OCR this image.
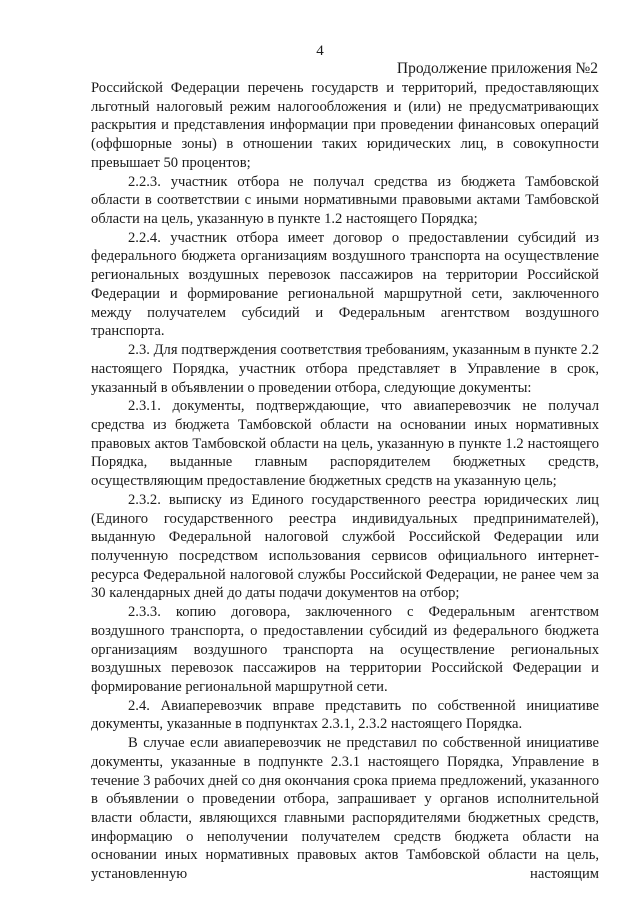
4
Продолжение приложения №2

Российской Федерации перечень государств и территорий, предоставляющих льготный налоговый режим налогообложения и (или) не предусматривающих раскрытия и представления информации при проведении финансовых операций (оффшорные зоны) в отношении таких юридических лиц, в совокупности превышает 50 процентов;

2.2.3. участник отбора не получал средства из бюджета Тамбовской области в соответствии с иными нормативными правовыми актами Тамбовской области на цель, указанную в пункте 1.2 настоящего Порядка;

2.2.4. участник отбора имеет договор о предоставлении субсидий из федерального бюджета организациям воздушного транспорта на осуществление региональных воздушных перевозок пассажиров на территории Российской Федерации и формирование региональной маршрутной сети, заключенного между получателем субсидий и Федеральным агентством воздушного транспорта.

2.3. Для подтверждения соответствия требованиям, указанным в пункте 2.2 настоящего Порядка, участник отбора представляет в Управление в срок, указанный в объявлении о проведении отбора, следующие документы:

2.3.1. документы, подтверждающие, что авиаперевозчик не получал средства из бюджета Тамбовской области на основании иных нормативных правовых актов Тамбовской области на цель, указанную в пункте 1.2 настоящего Порядка, выданные главным распорядителем бюджетных средств, осуществляющим предоставление бюджетных средств на указанную цель;

2.3.2. выписку из Единого государственного реестра юридических лиц (Единого государственного реестра индивидуальных предпринимателей), выданную Федеральной налоговой службой Российской Федерации или полученную посредством использования сервисов официального интернет-ресурса Федеральной налоговой службы Российской Федерации, не ранее чем за 30 календарных дней до даты подачи документов на отбор;

2.3.3. копию договора, заключенного с Федеральным агентством воздушного транспорта, о предоставлении субсидий из федерального бюджета организациям воздушного транспорта на осуществление региональных воздушных перевозок пассажиров на территории Российской Федерации и формирование региональной маршрутной сети.

2.4. Авиаперевозчик вправе представить по собственной инициативе документы, указанные в подпунктах 2.3.1, 2.3.2 настоящего Порядка.

В случае если авиаперевозчик не представил по собственной инициативе документы, указанные в подпункте 2.3.1 настоящего Порядка, Управление в течение 3 рабочих дней со дня окончания срока приема предложений, указанного в объявлении о проведении отбора, запрашивает у органов исполнительной власти области, являющихся главными распорядителями бюджетных средств, информацию о неполучении получателем средств бюджета области на основании иных нормативных правовых актов Тамбовской области на цель, установленную настоящим
